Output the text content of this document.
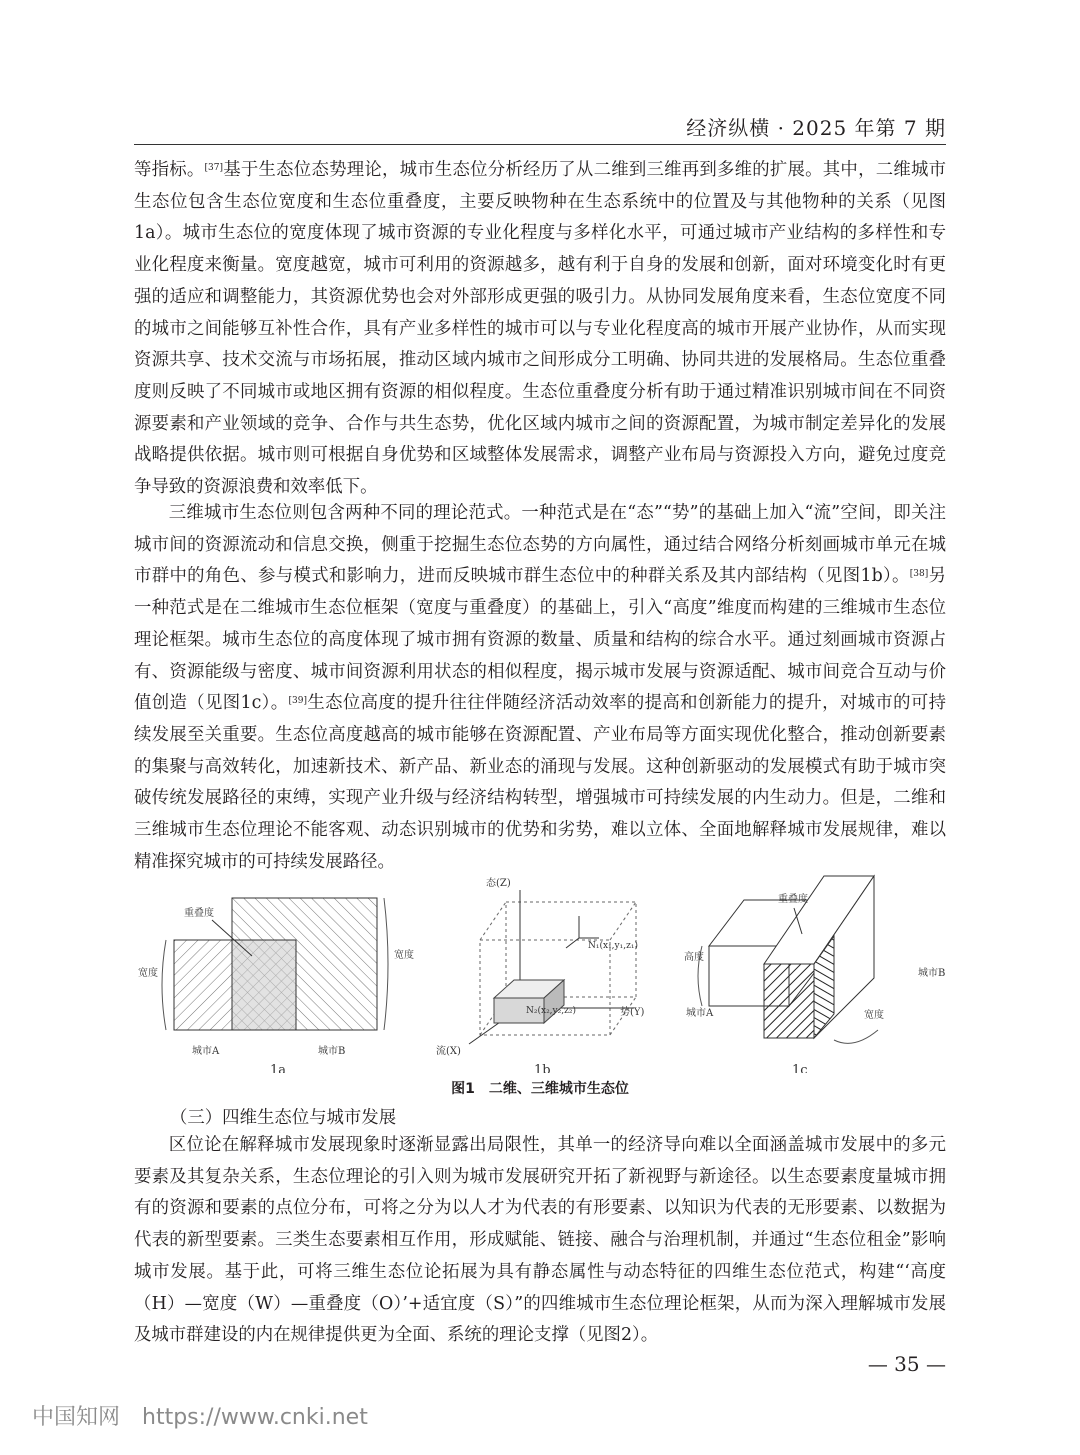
经济纵横 · 2025 年第 7 期

等指标。[37]基于生态位态势理论，城市生态位分析经历了从二维到三维再到多维的扩展。其中，二维城市生态位包含生态位宽度和生态位重叠度，主要反映物种在生态系统中的位置及与其他物种的关系（见图1a）。城市生态位的宽度体现了城市资源的专业化程度与多样化水平，可通过城市产业结构的多样性和专业化程度来衡量。宽度越宽，城市可利用的资源越多，越有利于自身的发展和创新，面对环境变化时有更强的适应和调整能力，其资源优势也会对外部形成更强的吸引力。从协同发展角度来看，生态位宽度不同的城市之间能够互补性合作，具有产业多样性的城市可以与专业化程度高的城市开展产业协作，从而实现资源共享、技术交流与市场拓展，推动区域内城市之间形成分工明确、协同共进的发展格局。生态位重叠度则反映了不同城市或地区拥有资源的相似程度。生态位重叠度分析有助于通过精准识别城市间在不同资源要素和产业领域的竞争、合作与共生态势，优化区域内城市之间的资源配置，为城市制定差异化的发展战略提供依据。城市则可根据自身优势和区域整体发展需求，调整产业布局与资源投入方向，避免过度竞争导致的资源浪费和效率低下。

三维城市生态位则包含两种不同的理论范式。一种范式是在“态”“势”的基础上加入“流”空间，即关注城市间的资源流动和信息交换，侧重于挖掘生态位态势的方向属性，通过结合网络分析刻画城市单元在城市群中的角色、参与模式和影响力，进而反映城市群生态位中的种群关系及其内部结构（见图1b）。[38]另一种范式是在二维城市生态位框架（宽度与重叠度）的基础上，引入“高度”维度而构建的三维城市生态位理论框架。城市生态位的高度体现了城市拥有资源的数量、质量和结构的综合水平。通过刻画城市资源占有、资源能级与密度、城市间资源利用状态的相似程度，揭示城市发展与资源适配、城市间竞合互动与价值创造（见图1c）。[39]生态位高度的提升往往伴随经济活动效率的提高和创新能力的提升，对城市的可持续发展至关重要。生态位高度越高的城市能够在资源配置、产业布局等方面实现优化整合，推动创新要素的集聚与高效转化，加速新技术、新产品、新业态的涌现与发展。这种创新驱动的发展模式有助于城市突破传统发展路径的束缚，实现产业升级与经济结构转型，增强城市可持续发展的内生动力。但是，二维和三维城市生态位理论不能客观、动态识别城市的优势和劣势，难以立体、全面地解释城市发展规律，难以精准探究城市的可持续发展路径。

重叠度
宽度
宽度
城市A	城市B
1a
态(Z)
势(Y)
流(X)
N₁(x₁,y₁,z₁)
N₂(x₂,y₂,z₂)
1b
重叠度
高度
城市A
城市B
宽度
1c
图1　二维、三维城市生态位
（三）四维生态位与城市发展

区位论在解释城市发展现象时逐渐显露出局限性，其单一的经济导向难以全面涵盖城市发展中的多元要素及其复杂关系，生态位理论的引入则为城市发展研究开拓了新视野与新途径。以生态要素度量城市拥有的资源和要素的点位分布，可将之分为以人才为代表的有形要素、以知识为代表的无形要素、以数据为代表的新型要素。三类生态要素相互作用，形成赋能、链接、融合与治理机制，并通过“生态位租金”影响城市发展。基于此，可将三维生态位论拓展为具有静态属性与动态特征的四维生态位范式，构建“‘高度（H）—宽度（W）—重叠度（O）’+适宜度（S）”的四维城市生态位理论框架，从而为深入理解城市发展及城市群建设的内在规律提供更为全面、系统的理论支撑（见图2）。

— 35 —
中国知网 https://www.cnki.net
